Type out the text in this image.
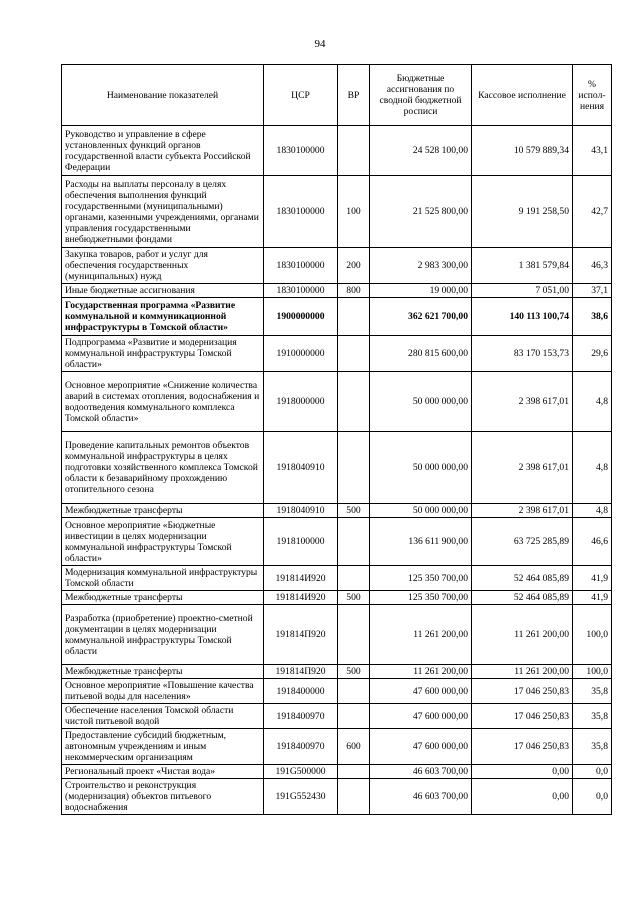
94
Наименование показателей	ЦСР	ВР	Бюджетные ассигнования по сводной бюджетной росписи	Кассовое исполнение	% испол-нения
Руководство и управление в сфере установленных функций органов государственной власти субъекта Российской Федерации	1830100000		24 528 100,00	10 579 889,34	43,1
Расходы на выплаты персоналу в целях обеспечения выполнения функций государственными (муниципальными) органами, казенными учреждениями, органами управления государственными внебюджетными фондами	1830100000	100	21 525 800,00	9 191 258,50	42,7
Закупка товаров, работ и услуг для обеспечения государственных (муниципальных) нужд	1830100000	200	2 983 300,00	1 381 579,84	46,3
Иные бюджетные ассигнования	1830100000	800	19 000,00	7 051,00	37,1
Государственная программа «Развитие коммунальной и коммуникационной инфраструктуры в Томской области»	1900000000		362 621 700,00	140 113 100,74	38,6
Подпрограмма «Развитие и модернизация коммунальной инфраструктуры Томской области»	1910000000		280 815 600,00	83 170 153,73	29,6
Основное мероприятие «Снижение количества аварий в системах отопления, водоснабжения и водоотведения коммунального комплекса Томской области»	1918000000		50 000 000,00	2 398 617,01	4,8
Проведение капитальных ремонтов объектов коммунальной инфраструктуры в целях подготовки хозяйственного комплекса Томской области к безаварийному прохождению отопительного сезона	1918040910		50 000 000,00	2 398 617,01	4,8
Межбюджетные трансферты	1918040910	500	50 000 000,00	2 398 617,01	4,8
Основное мероприятие «Бюджетные инвестиции в целях модернизации коммунальной инфраструктуры Томской области»	1918100000		136 611 900,00	63 725 285,89	46,6
Модернизация коммунальной инфраструктуры Томской области	191814И920		125 350 700,00	52 464 085,89	41,9
Межбюджетные трансферты	191814И920	500	125 350 700,00	52 464 085,89	41,9
Разработка (приобретение) проектно-сметной документации в целях модернизации коммунальной инфраструктуры Томской области	191814П920		11 261 200,00	11 261 200,00	100,0
Межбюджетные трансферты	191814П920	500	11 261 200,00	11 261 200,00	100,0
Основное мероприятие «Повышение качества питьевой воды для населения»	1918400000		47 600 000,00	17 046 250,83	35,8
Обеспечение населения Томской области чистой питьевой водой	1918400970		47 600 000,00	17 046 250,83	35,8
Предоставление субсидий бюджетным, автономным учреждениям и иным некоммерческим организациям	1918400970	600	47 600 000,00	17 046 250,83	35,8
Региональный проект «Чистая вода»	191G500000		46 603 700,00	0,00	0,0
Строительство и реконструкция (модернизация) объектов питьевого водоснабжения	191G552430		46 603 700,00	0,00	0,0
